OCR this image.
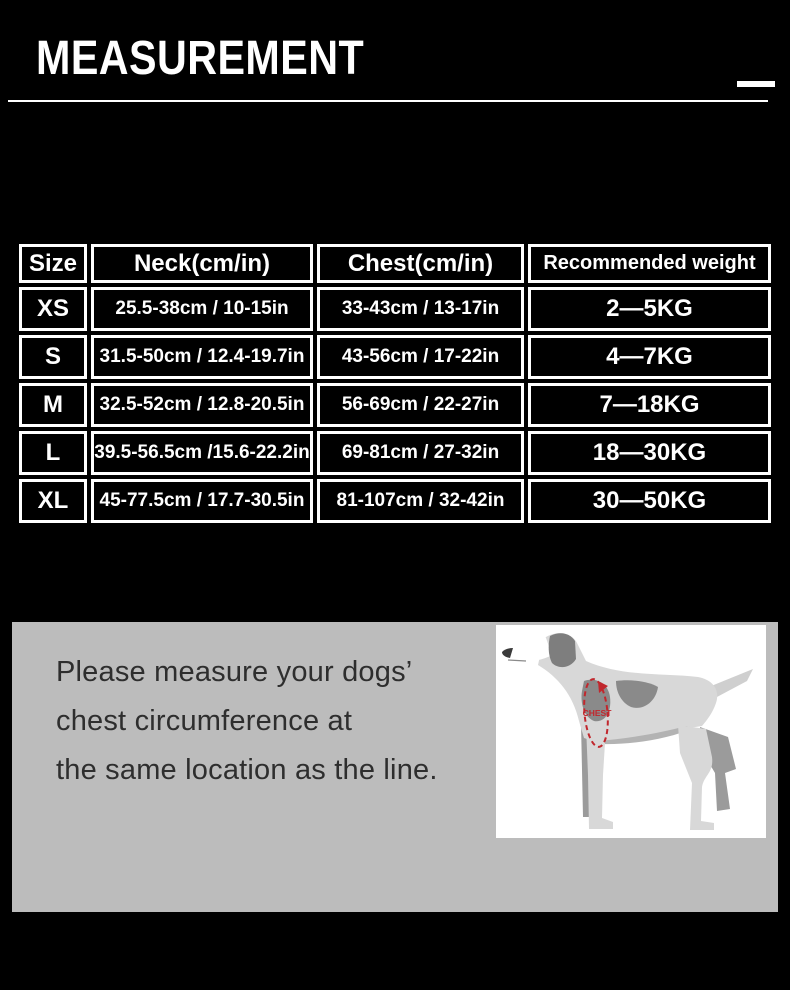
MEASUREMENT
Size	Neck(cm/in)	Chest(cm/in)	Recommended weight
XS	25.5-38cm / 10-15in	33-43cm / 13-17in	2—5KG
S	31.5-50cm / 12.4-19.7in	43-56cm / 17-22in	4—7KG
M	32.5-52cm / 12.8-20.5in	56-69cm / 22-27in	7—18KG
L	39.5-56.5cm /15.6-22.2in	69-81cm / 27-32in	18—30KG
XL	45-77.5cm / 17.7-30.5in	81-107cm / 32-42in	30—50KG
Please measure your dogs’
chest circumference at
the same location as the line.
CHEST
